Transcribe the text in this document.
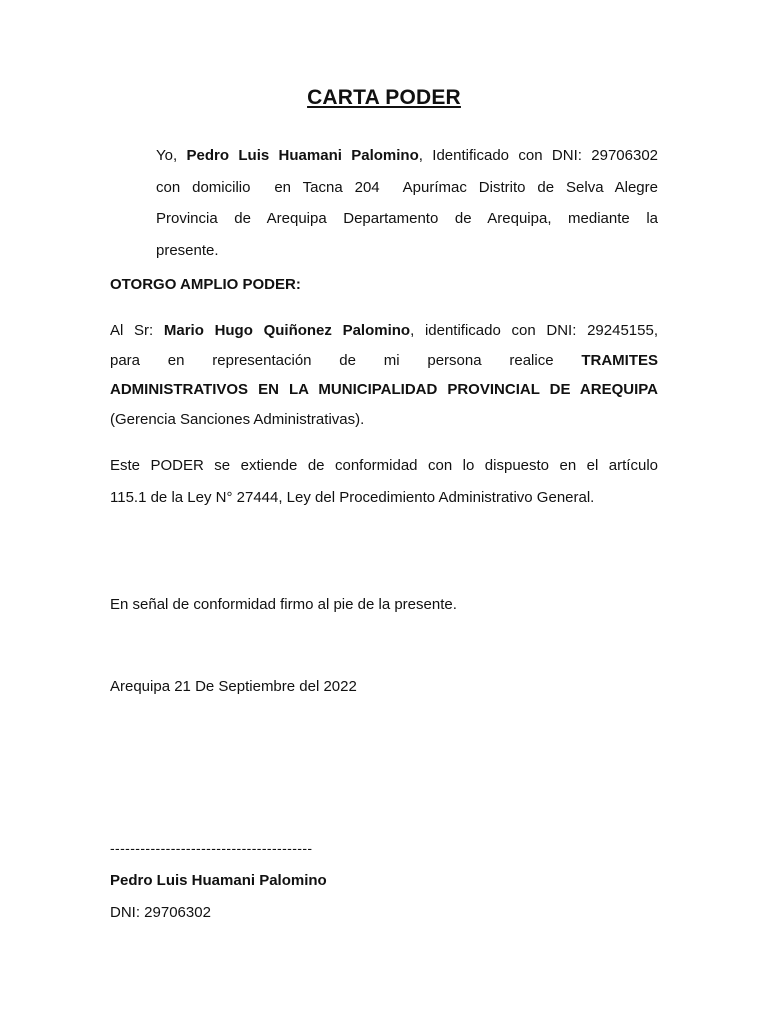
CARTA PODER
Yo, Pedro Luis Huamani Palomino, Identificado con DNI: 29706302
con domicilio  en Tacna 204  Apurímac Distrito de Selva Alegre
Provincia de Arequipa Departamento de Arequipa, mediante la
presente.
OTORGO AMPLIO PODER:
Al Sr: Mario Hugo Quiñonez Palomino, identificado con DNI: 29245155,
para en representación de mi persona realice TRAMITES
ADMINISTRATIVOS EN LA MUNICIPALIDAD PROVINCIAL DE AREQUIPA
(Gerencia Sanciones Administrativas).
Este PODER se extiende de conformidad con lo dispuesto en el artículo
115.1 de la Ley N° 27444, Ley del Procedimiento Administrativo General.
En señal de conformidad firmo al pie de la presente.
Arequipa 21 De Septiembre del 2022
----------------------------------------
Pedro Luis Huamani Palomino
DNI: 29706302
